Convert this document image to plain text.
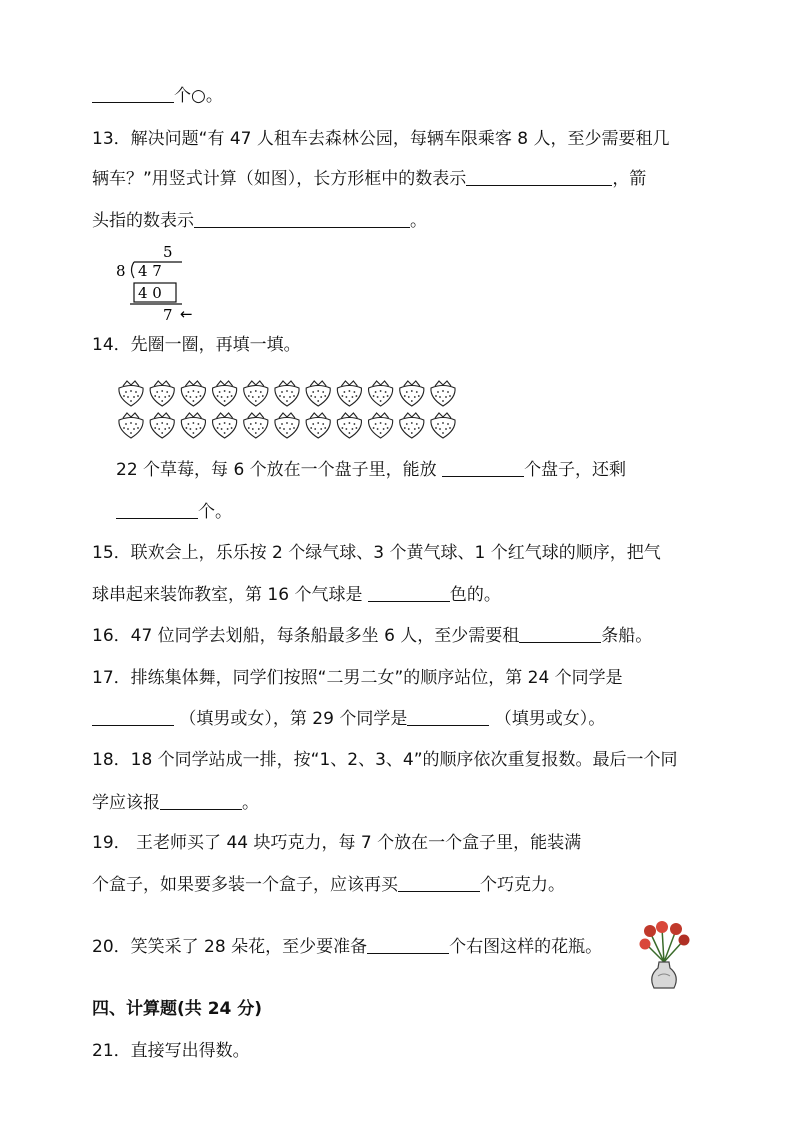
个○。
13．解决问题“有 47 人租车去森林公园，每辆车限乘客 8 人，至少需要租几
辆车？”用竖式计算（如图），长方形框中的数表示	，箭
头指的数表示	。
5
8 4 7
4 0
7 ←
14．先圈一圈，再填一填。
22 个草莓，每 6 个放在一个盘子里，能放	个盘子，还剩
个。
15．联欢会上，乐乐按 2 个绿气球、3 个黄气球、1 个红气球的顺序，把气
球串起来装饰教室，第 16 个气球是	色的。
16．47 位同学去划船，每条船最多坐 6 人，至少需要租	条船。
17．排练集体舞，同学们按照“二男二女”的顺序站位，第 24 个同学是
（填男或女），第 29 个同学是	（填男或女）。
18．18 个同学站成一排，按“1、2、3、4”的顺序依次重复报数。最后一个同
学应该报	。
19． 王老师买了 44 块巧克力，每 7 个放在一个盒子里，能装满
个盒子，如果要多装一个盒子，应该再买	个巧克力。
20．笑笑采了 28 朵花，至少要准备	个右图这样的花瓶。
四、计算题(共 24 分)
21．直接写出得数。
